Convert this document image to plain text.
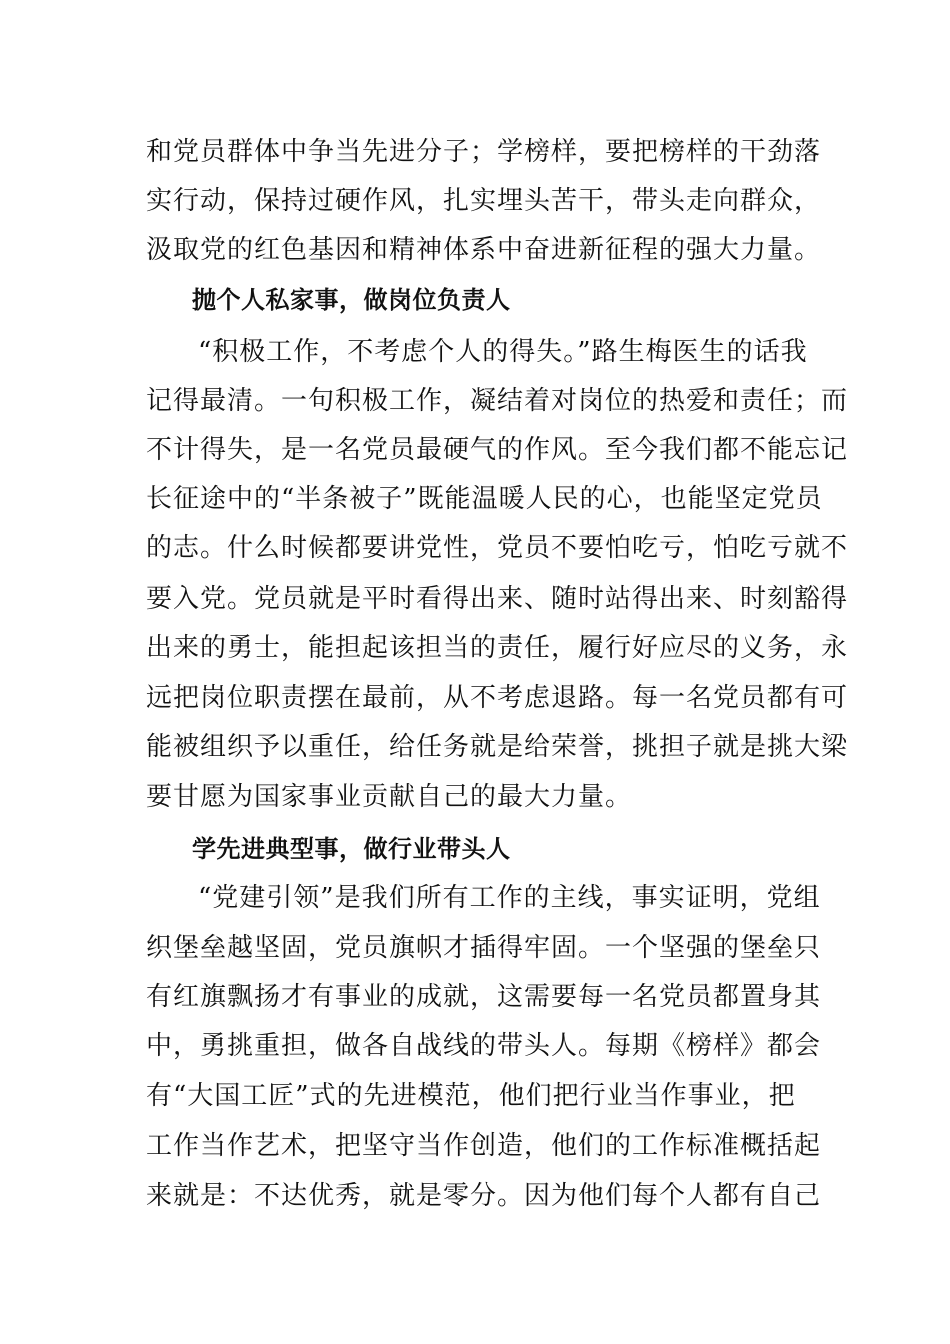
和党员群体中争当先进分子；学榜样，要把榜样的干劲落
实行动，保持过硬作风，扎实埋头苦干，带头走向群众，
汲取党的红色基因和精神体系中奋进新征程的强大力量。
抛个人私家事，做岗位负责人
“积极工作，不考虑个人的得失。”路生梅医生的话我
记得最清。一句积极工作，凝结着对岗位的热爱和责任；而
不计得失，是一名党员最硬气的作风。至今我们都不能忘记
长征途中的“半条被子”既能温暖人民的心，也能坚定党员
的志。什么时候都要讲党性，党员不要怕吃亏，怕吃亏就不
要入党。党员就是平时看得出来、随时站得出来、时刻豁得
出来的勇士，能担起该担当的责任，履行好应尽的义务，永
远把岗位职责摆在最前，从不考虑退路。每一名党员都有可
能被组织予以重任，给任务就是给荣誉，挑担子就是挑大梁
要甘愿为国家事业贡献自己的最大力量。
学先进典型事，做行业带头人
“党建引领”是我们所有工作的主线，事实证明，党组
织堡垒越坚固，党员旗帜才插得牢固。一个坚强的堡垒只
有红旗飘扬才有事业的成就，这需要每一名党员都置身其
中，勇挑重担，做各自战线的带头人。每期《榜样》都会
有“大国工匠”式的先进模范，他们把行业当作事业，把
工作当作艺术，把坚守当作创造，他们的工作标准概括起
来就是：不达优秀，就是零分。因为他们每个人都有自己
